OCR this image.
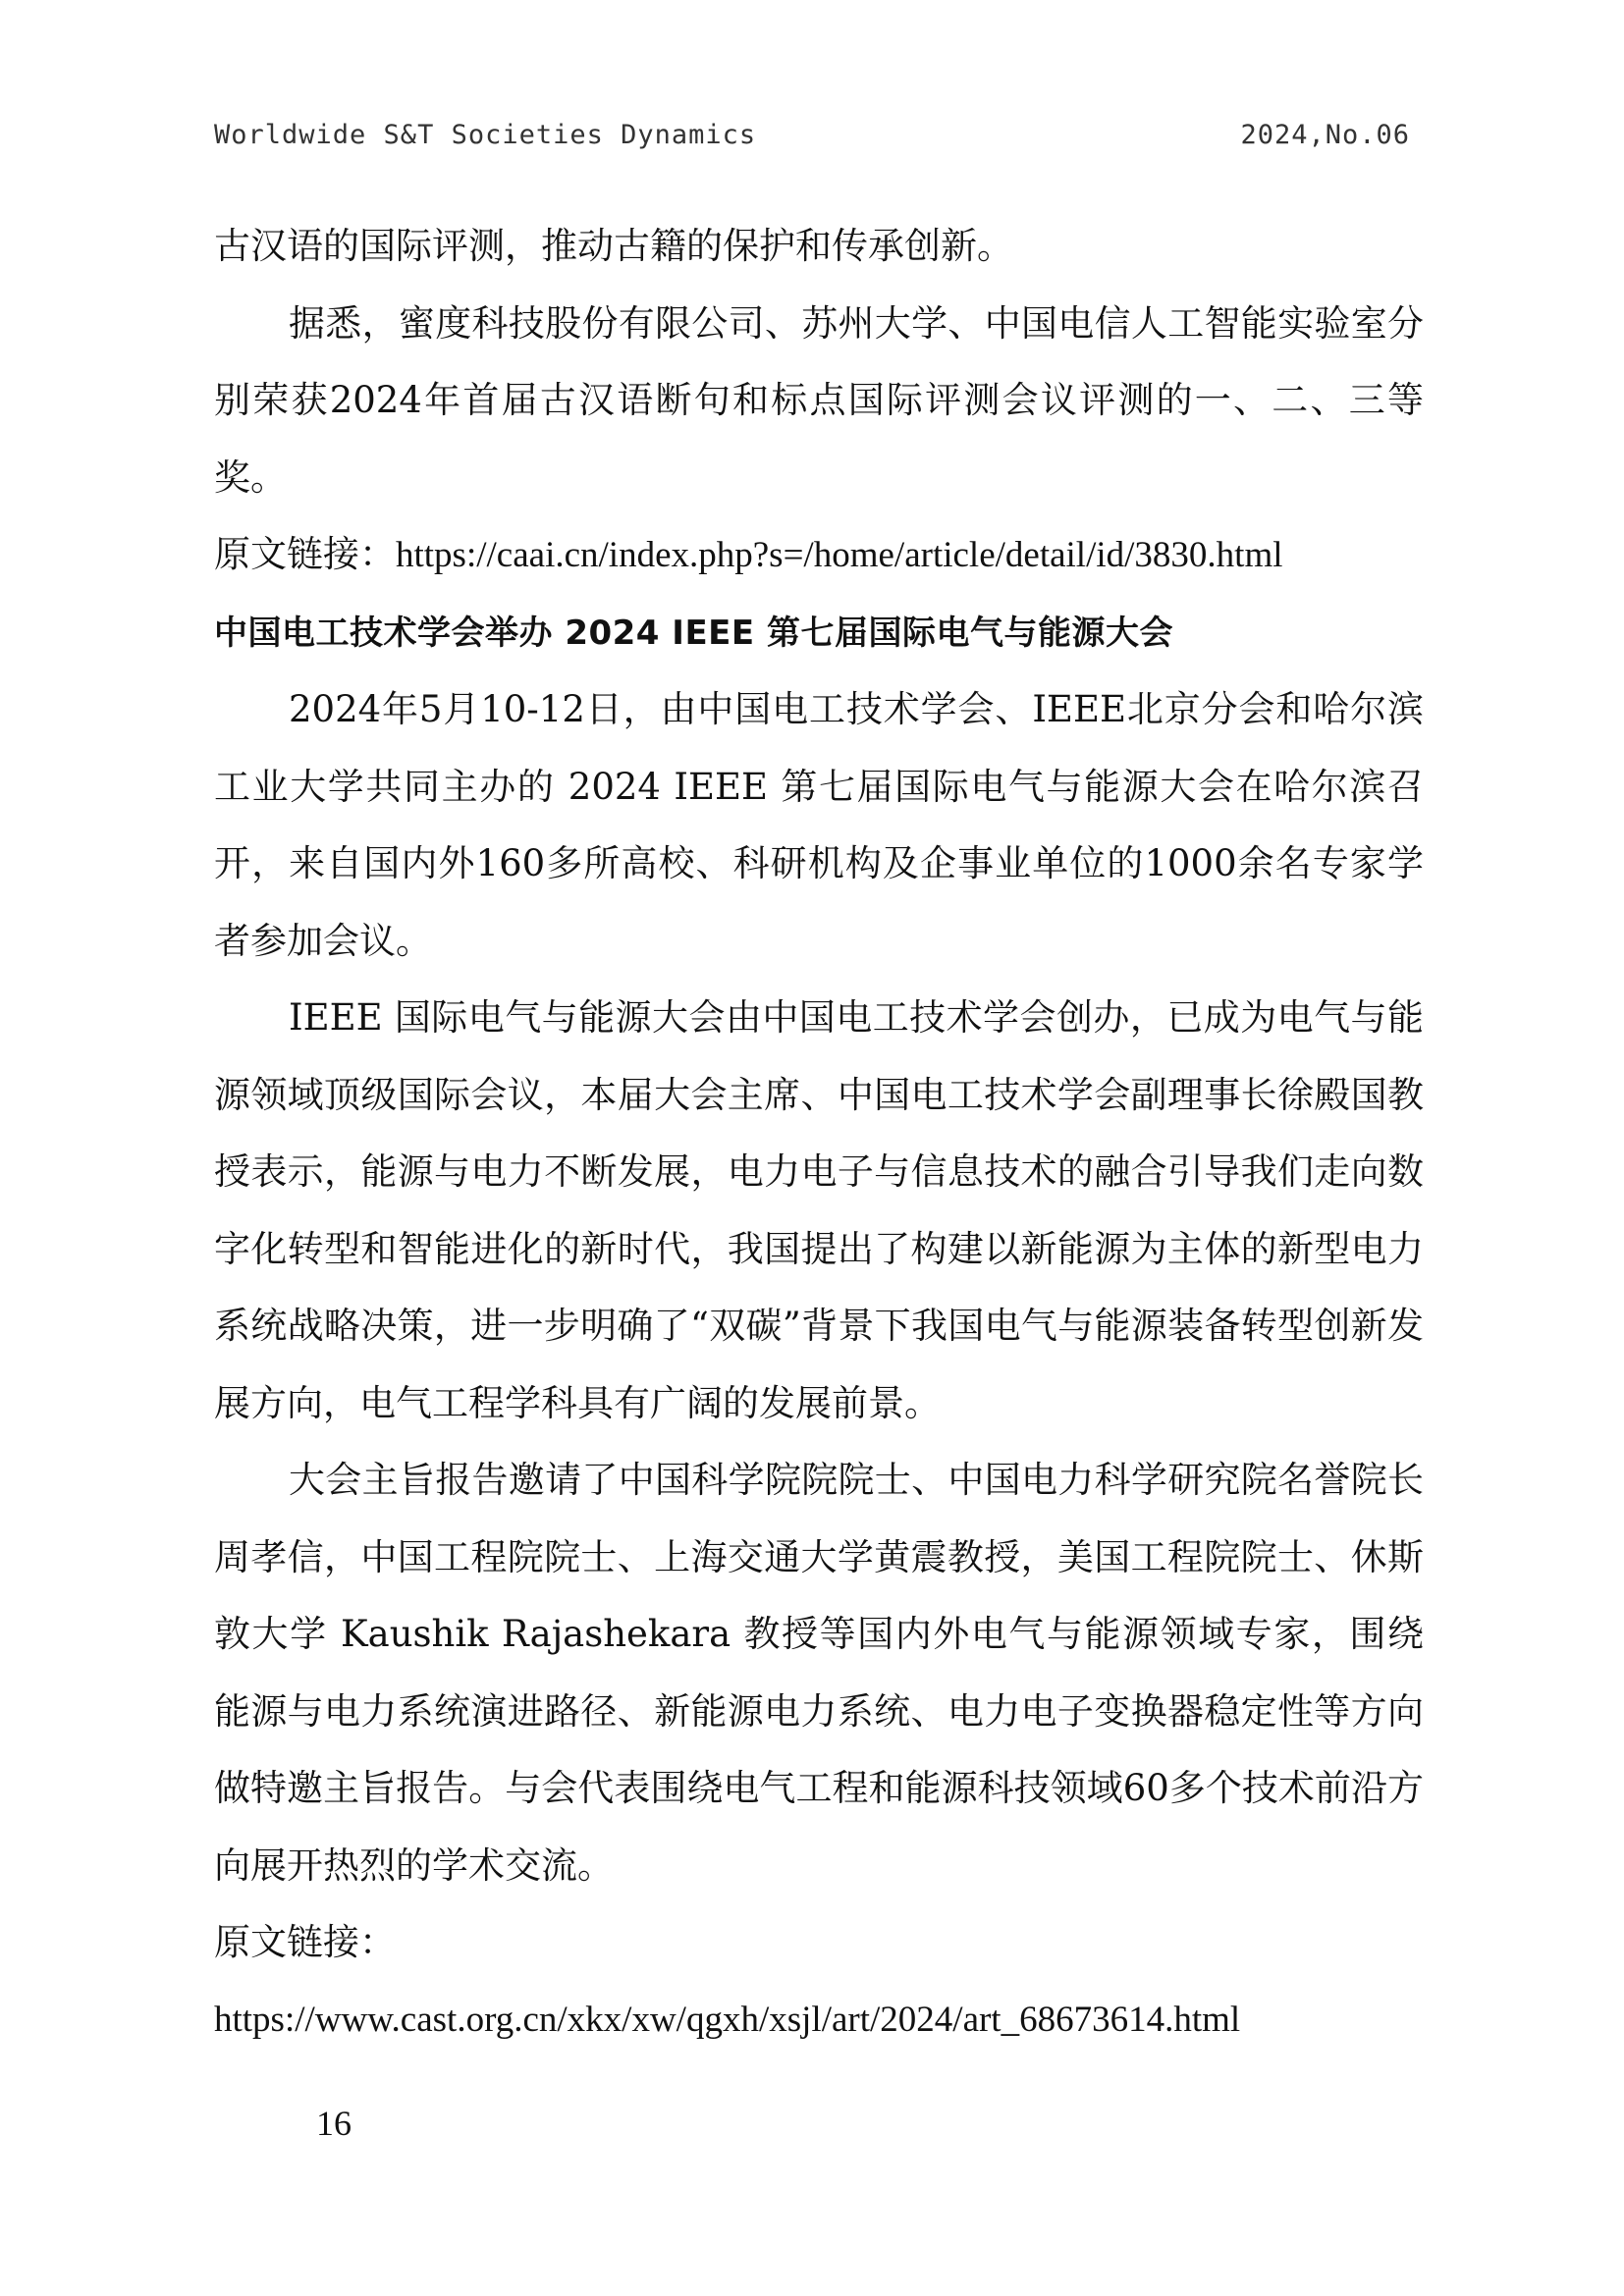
Worldwide S&T Societies Dynamics	2024,No.06

古汉语的国际评测，推动古籍的保护和传承创新。

据悉，蜜度科技股份有限公司、苏州大学、中国电信人工智能实验室分别荣获2024年首届古汉语断句和标点国际评测会议评测的一、二、三等奖。

原文链接：https://caai.cn/index.php?s=/home/article/detail/id/3830.html

中国电工技术学会举办 2024 IEEE 第七届国际电气与能源大会

2024年5月10-12日，由中国电工技术学会、IEEE北京分会和哈尔滨工业大学共同主办的 2024 IEEE 第七届国际电气与能源大会在哈尔滨召开，来自国内外160多所高校、科研机构及企事业单位的1000余名专家学者参加会议。

IEEE 国际电气与能源大会由中国电工技术学会创办，已成为电气与能源领域顶级国际会议，本届大会主席、中国电工技术学会副理事长徐殿国教授表示，能源与电力不断发展，电力电子与信息技术的融合引导我们走向数字化转型和智能进化的新时代，我国提出了构建以新能源为主体的新型电力系统战略决策，进一步明确了“双碳”背景下我国电气与能源装备转型创新发展方向，电气工程学科具有广阔的发展前景。

大会主旨报告邀请了中国科学院院院士、中国电力科学研究院名誉院长周孝信，中国工程院院士、上海交通大学黄震教授，美国工程院院士、休斯敦大学 Kaushik Rajashekara 教授等国内外电气与能源领域专家，围绕能源与电力系统演进路径、新能源电力系统、电力电子变换器稳定性等方向做特邀主旨报告。与会代表围绕电气工程和能源科技领域60多个技术前沿方向展开热烈的学术交流。

原文链接：

https://www.cast.org.cn/xkx/xw/qgxh/xsjl/art/2024/art_68673614.html

16
